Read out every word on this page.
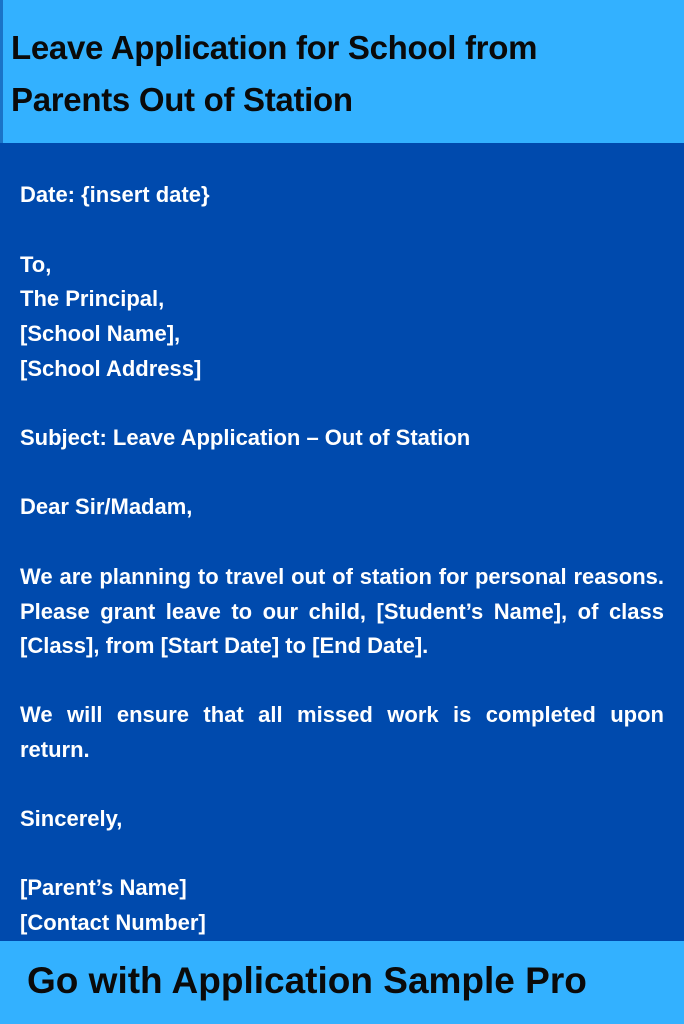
Leave Application for School from Parents Out of Station

Date: {insert date}

To,

The Principal,

[School Name],

[School Address]

Subject: Leave Application – Out of Station

Dear Sir/Madam,

We are planning to travel out of station for personal reasons. Please grant leave to our child, [Student’s Name], of class [Class], from [Start Date] to [End Date].

We will ensure that all missed work is completed upon return.

Sincerely,

[Parent’s Name]

[Contact Number]

Go with Application Sample Pro
